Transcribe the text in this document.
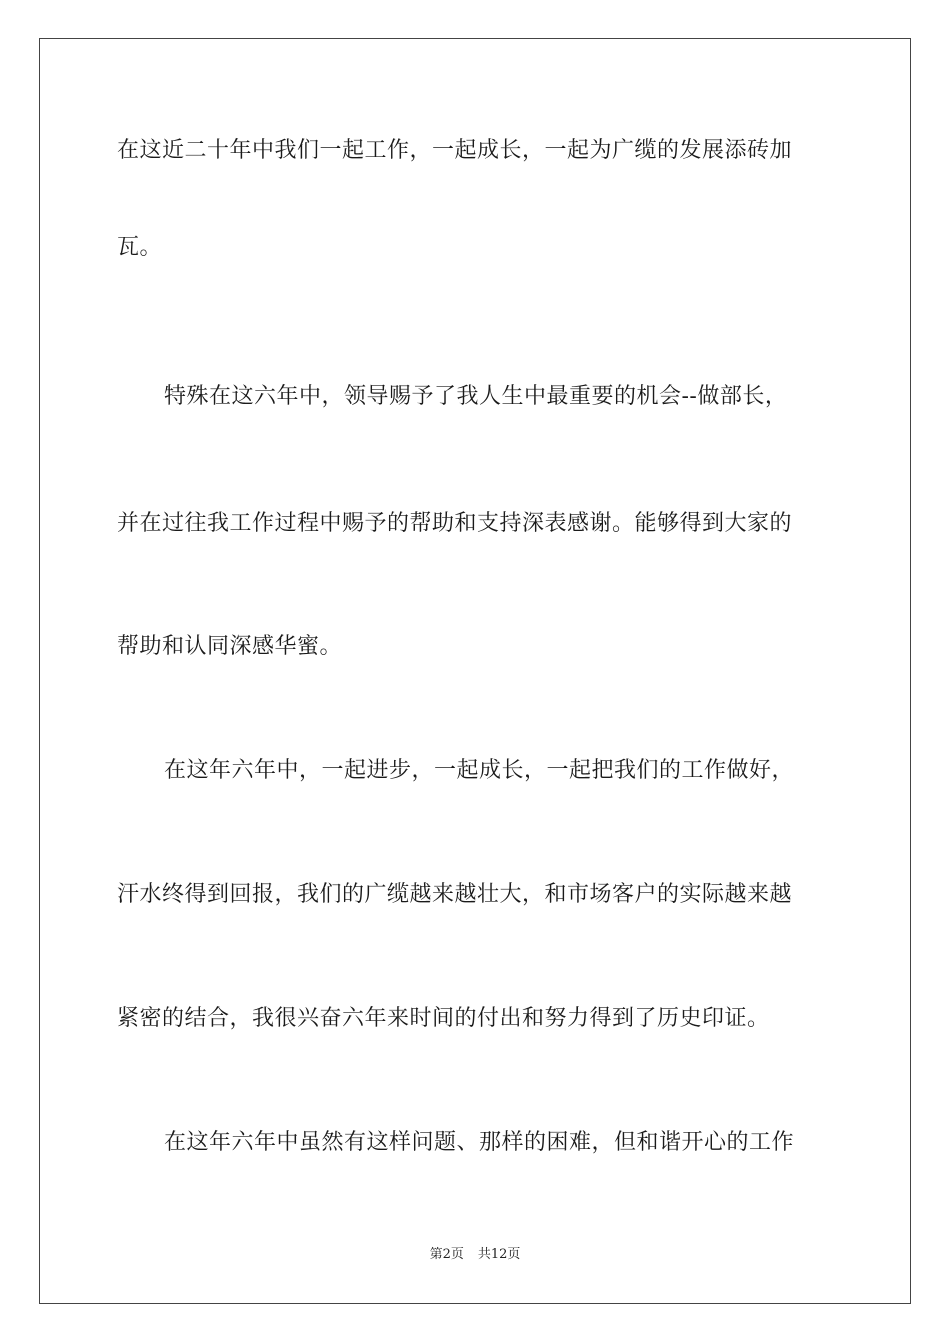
在这近二十年中我们一起工作，一起成长，一起为广缆的发展添砖加
瓦。
特殊在这六年中，领导赐予了我人生中最重要的机会--做部长，
并在过往我工作过程中赐予的帮助和支持深表感谢。能够得到大家的
帮助和认同深感华蜜。
在这年六年中，一起进步，一起成长，一起把我们的工作做好，
汗水终得到回报，我们的广缆越来越壮大，和市场客户的实际越来越
紧密的结合，我很兴奋六年来时间的付出和努力得到了历史印证。
在这年六年中虽然有这样问题、那样的困难，但和谐开心的工作
第2页 共12页
